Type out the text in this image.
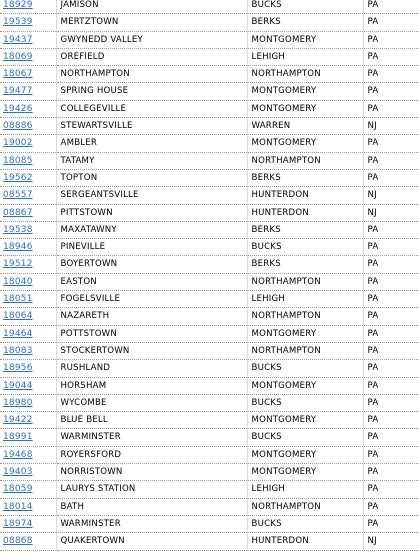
18929	JAMISON	BUCKS	PA
19539	MERTZTOWN	BERKS	PA
19437	GWYNEDD VALLEY	MONTGOMERY	PA
18069	OREFIELD	LEHIGH	PA
18067	NORTHAMPTON	NORTHAMPTON	PA
19477	SPRING HOUSE	MONTGOMERY	PA
19426	COLLEGEVILLE	MONTGOMERY	PA
08886	STEWARTSVILLE	WARREN	NJ
19002	AMBLER	MONTGOMERY	PA
18085	TATAMY	NORTHAMPTON	PA
19562	TOPTON	BERKS	PA
08557	SERGEANTSVILLE	HUNTERDON	NJ
08867	PITTSTOWN	HUNTERDON	NJ
19538	MAXATAWNY	BERKS	PA
18946	PINEVILLE	BUCKS	PA
19512	BOYERTOWN	BERKS	PA
18040	EASTON	NORTHAMPTON	PA
18051	FOGELSVILLE	LEHIGH	PA
18064	NAZARETH	NORTHAMPTON	PA
19464	POTTSTOWN	MONTGOMERY	PA
18083	STOCKERTOWN	NORTHAMPTON	PA
18956	RUSHLAND	BUCKS	PA
19044	HORSHAM	MONTGOMERY	PA
18980	WYCOMBE	BUCKS	PA
19422	BLUE BELL	MONTGOMERY	PA
18991	WARMINSTER	BUCKS	PA
19468	ROYERSFORD	MONTGOMERY	PA
19403	NORRISTOWN	MONTGOMERY	PA
18059	LAURYS STATION	LEHIGH	PA
18014	BATH	NORTHAMPTON	PA
18974	WARMINSTER	BUCKS	PA
08868	QUAKERTOWN	HUNTERDON	NJ
